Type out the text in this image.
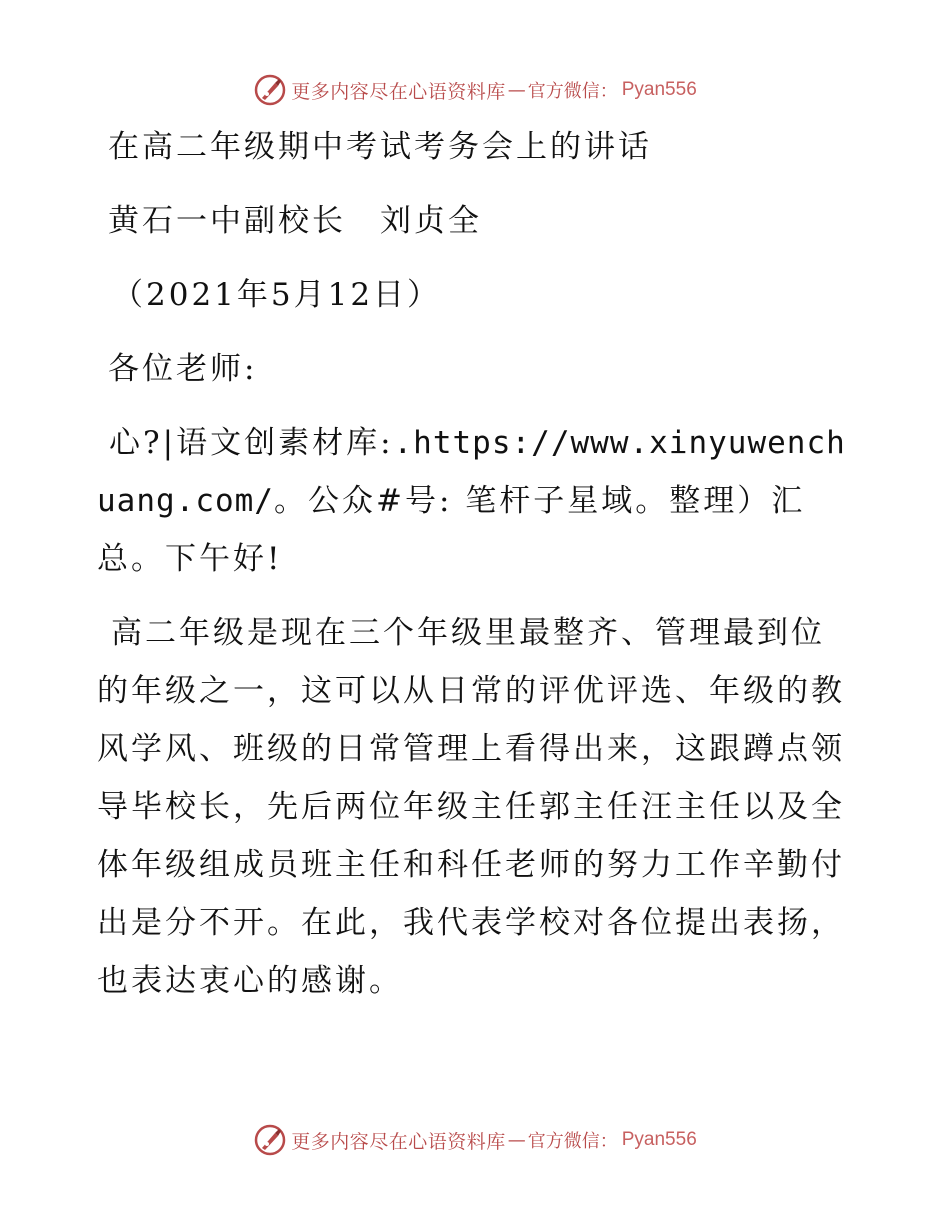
更多内容尽在心语资料库 — 官方微信 ： Pyan556
在高二年级期中考试考务会上的讲话
黄石一中副校长　刘贞全
（2021年5月12日）
各位老师:
心?|语文创素材库:.https://www.xinyuwenchuang.com/。公众#号: 笔杆子星域。整理）汇总。下午好!
高二年级是现在三个年级里最整齐、管理最到位的年级之一，这可以从日常的评优评选、年级的教风学风、班级的日常管理上看得出来，这跟蹲点领导毕校长，先后两位年级主任郭主任汪主任以及全体年级组成员班主任和科任老师的努力工作辛勤付出是分不开。在此，我代表学校对各位提出表扬，也表达衷心的感谢。
更多内容尽在心语资料库 — 官方微信 ： Pyan556
